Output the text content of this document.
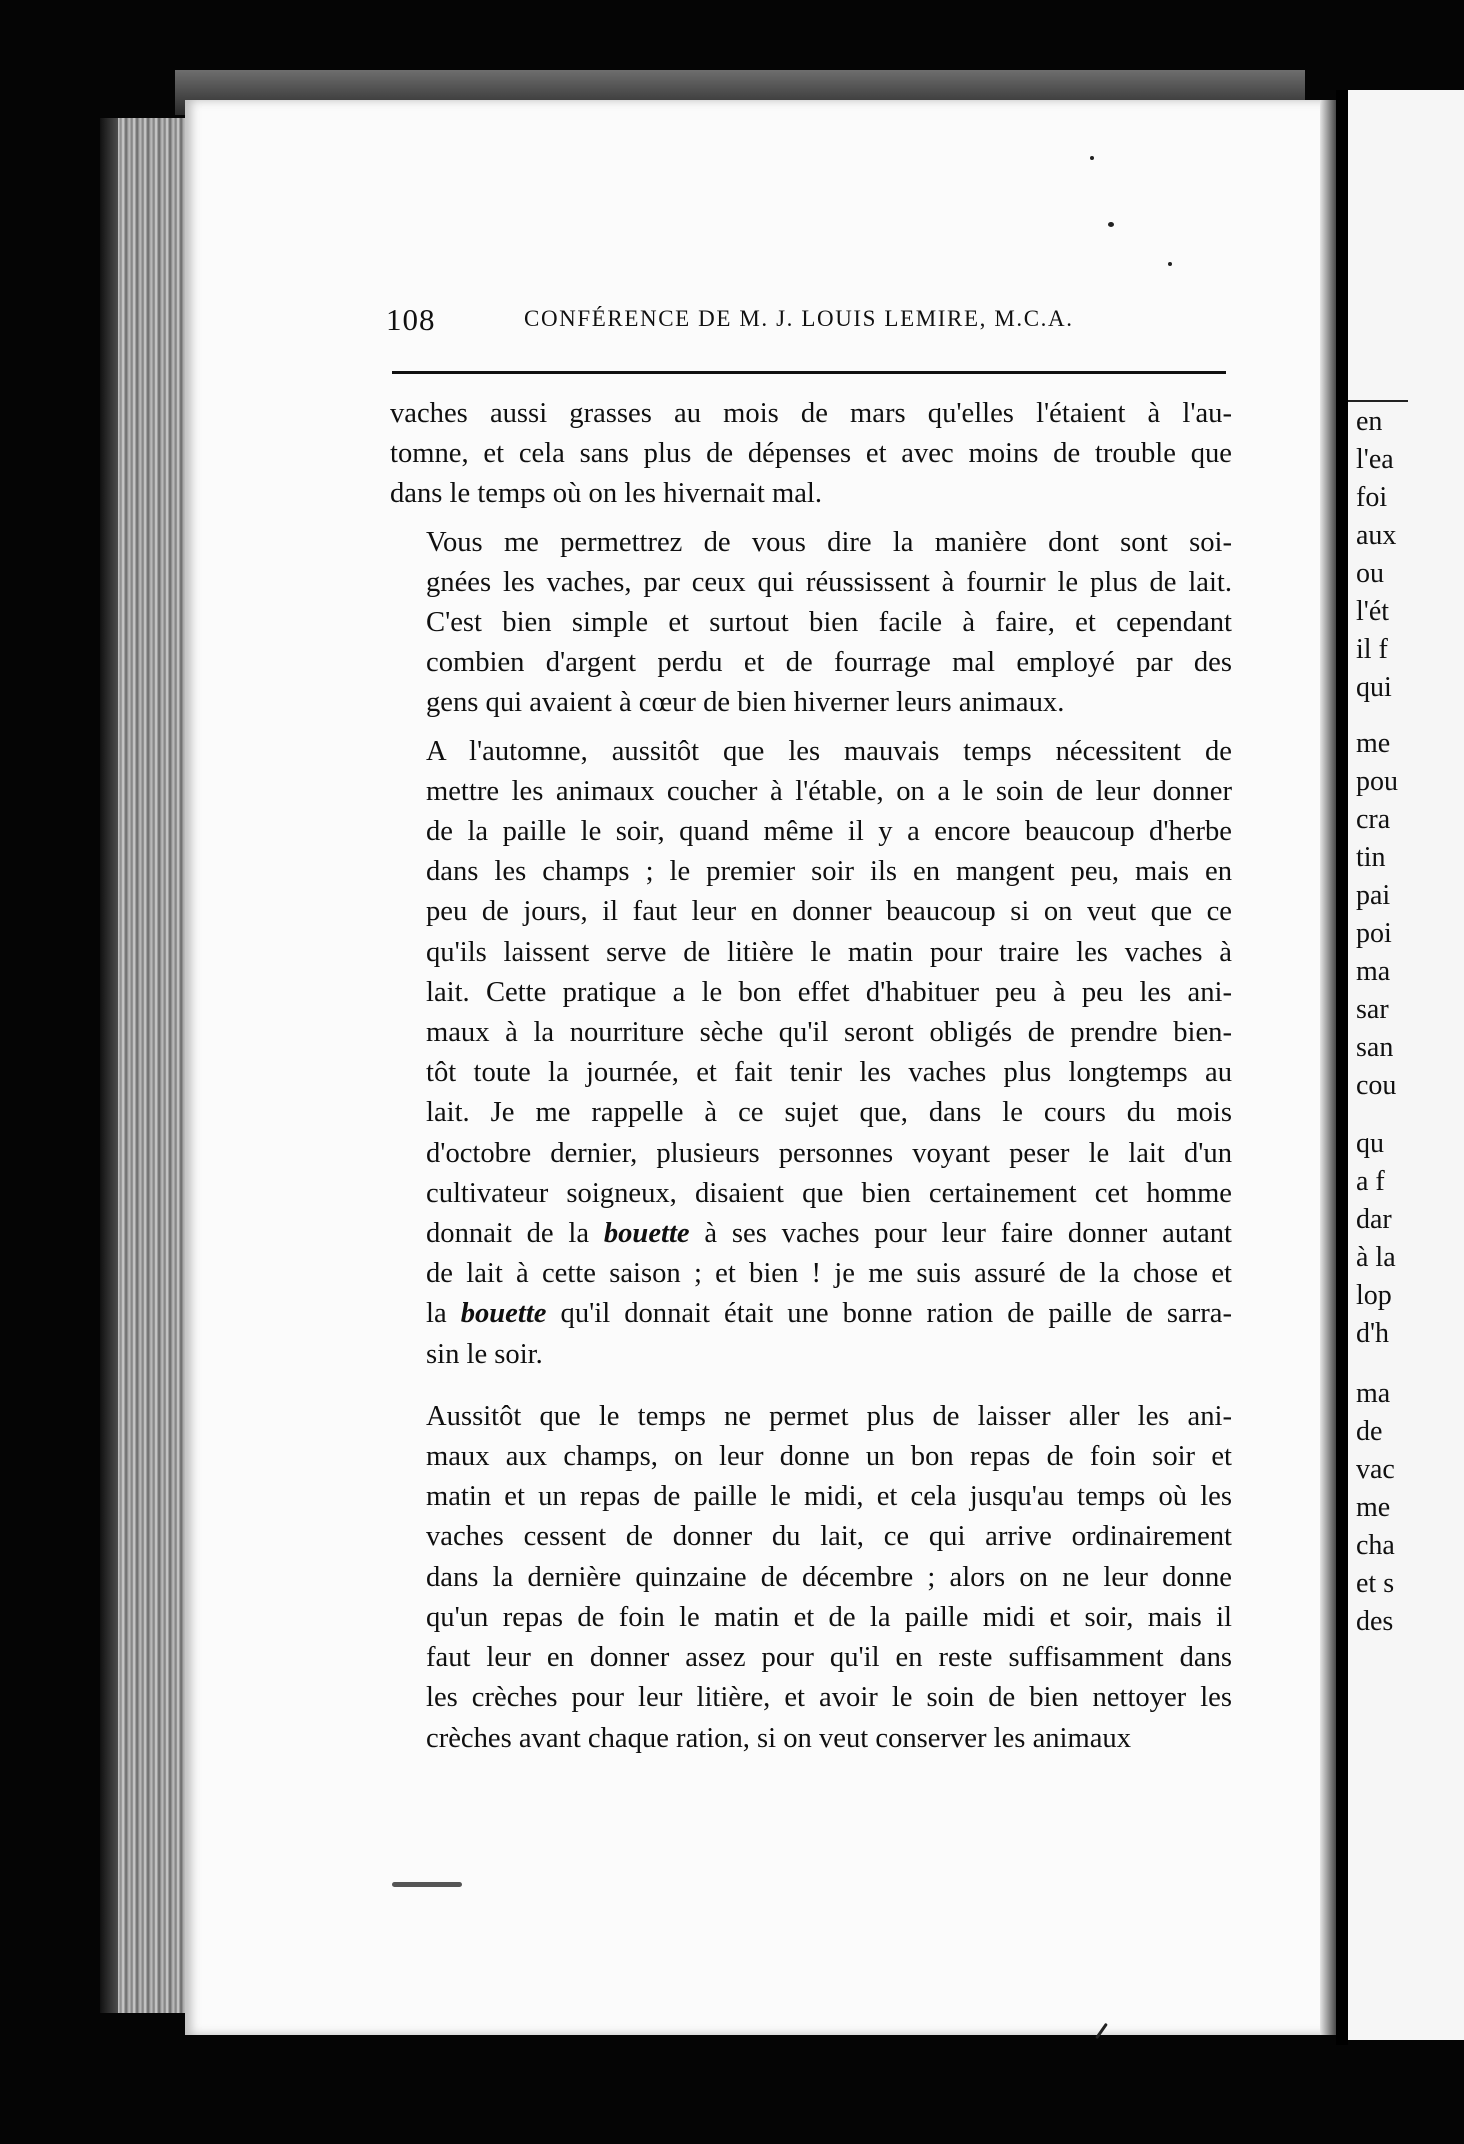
en
l'ea
foi
aux
ou
l'ét
il f
qui
me
pou
cra
tin
pai
poi
ma
sar
san
cou
qu
a f
dar
à la
lop
d'h
ma
de
vac
me
cha
et s
des
108	CONFÉRENCE DE M. J. LOUIS LEMIRE, M.C.A.
vaches aussi grasses au mois de mars qu'elles l'étaient à l'au-
tomne, et cela sans plus de dépenses et avec moins de trouble que
dans le temps où on les hivernait mal.
Vous me permettrez de vous dire la manière dont sont soi-
gnées les vaches, par ceux qui réussissent à fournir le plus de lait.
C'est bien simple et surtout bien facile à faire, et cependant
combien d'argent perdu et de fourrage mal employé par des
gens qui avaient à cœur de bien hiverner leurs animaux.
A l'automne, aussitôt que les mauvais temps nécessitent de
mettre les animaux coucher à l'étable, on a le soin de leur donner
de la paille le soir, quand même il y a encore beaucoup d'herbe
dans les champs ; le premier soir ils en mangent peu, mais en
peu de jours, il faut leur en donner beaucoup si on veut que ce
qu'ils laissent serve de litière le matin pour traire les vaches à
lait. Cette pratique a le bon effet d'habituer peu à peu les ani-
maux à la nourriture sèche qu'il seront obligés de prendre bien-
tôt toute la journée, et fait tenir les vaches plus longtemps au
lait. Je me rappelle à ce sujet que, dans le cours du mois
d'octobre dernier, plusieurs personnes voyant peser le lait d'un
cultivateur soigneux, disaient que bien certainement cet homme
donnait de la bouette à ses vaches pour leur faire donner autant
de lait à cette saison ; et bien ! je me suis assuré de la chose et
la bouette qu'il donnait était une bonne ration de paille de sarra-
sin le soir.
Aussitôt que le temps ne permet plus de laisser aller les ani-
maux aux champs, on leur donne un bon repas de foin soir et
matin et un repas de paille le midi, et cela jusqu'au temps où les
vaches cessent de donner du lait, ce qui arrive ordinairement
dans la dernière quinzaine de décembre ; alors on ne leur donne
qu'un repas de foin le matin et de la paille midi et soir, mais il
faut leur en donner assez pour qu'il en reste suffisamment dans
les crèches pour leur litière, et avoir le soin de bien nettoyer les
crèches avant chaque ration, si on veut conserver les animaux
